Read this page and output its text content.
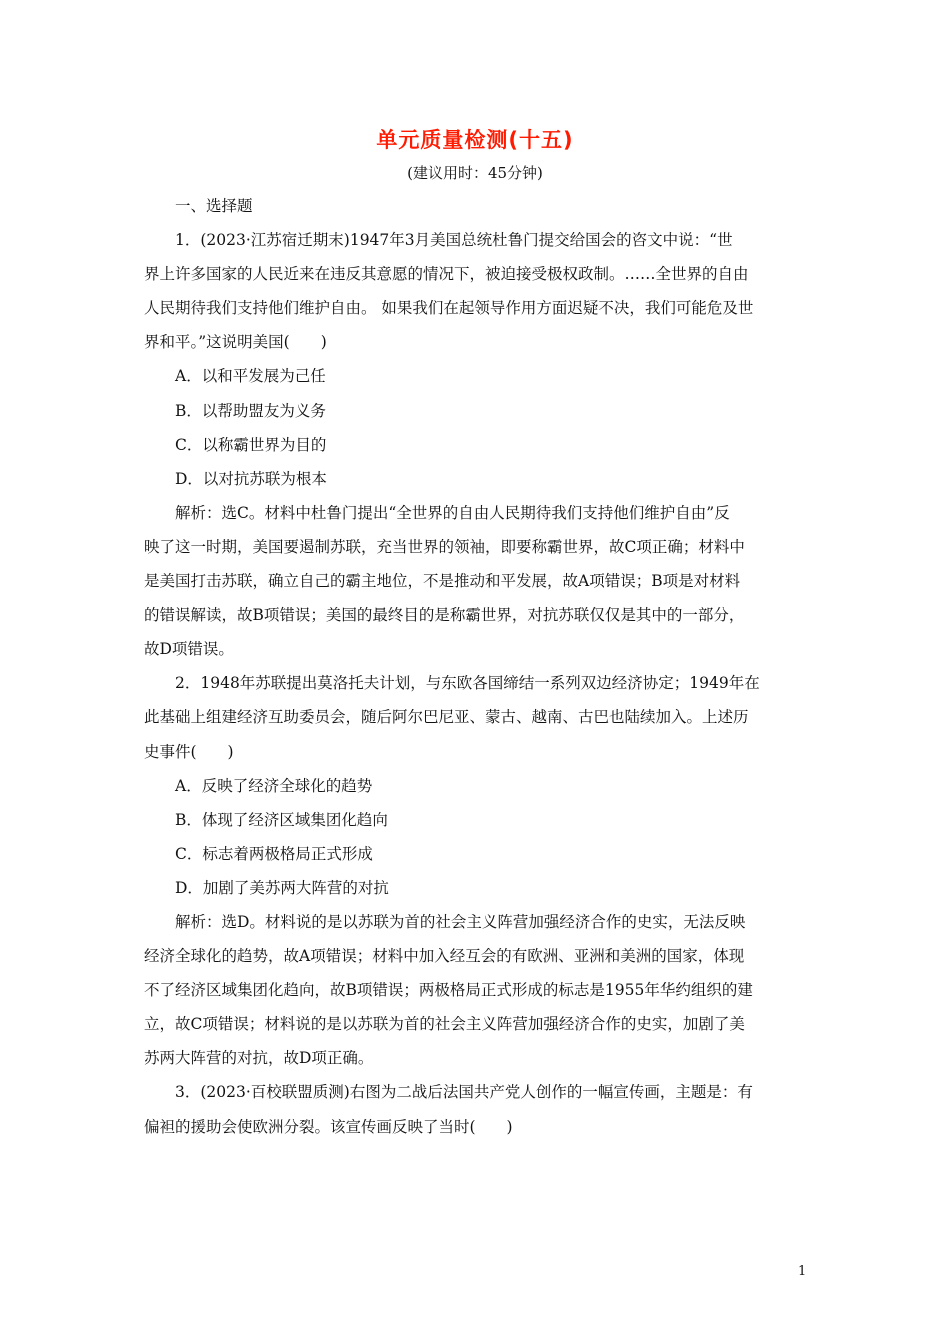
单元质量检测(十五)
(建议用时：45分钟)
一、选择题
1．(2023·江苏宿迁期末)1947年3月美国总统杜鲁门提交给国会的咨文中说：“世
界上许多国家的人民近来在违反其意愿的情况下，被迫接受极权政制。……全世界的自由
人民期待我们支持他们维护自由。 如果我们在起领导作用方面迟疑不决，我们可能危及世
界和平。”这说明美国(　　)
A．以和平发展为己任
B．以帮助盟友为义务
C．以称霸世界为目的
D．以对抗苏联为根本
解析：选C。材料中杜鲁门提出“全世界的自由人民期待我们支持他们维护自由”反
映了这一时期，美国要遏制苏联，充当世界的领袖，即要称霸世界，故C项正确；材料中
是美国打击苏联，确立自己的霸主地位，不是推动和平发展，故A项错误；B项是对材料
的错误解读，故B项错误；美国的最终目的是称霸世界，对抗苏联仅仅是其中的一部分，
故D项错误。
2．1948年苏联提出莫洛托夫计划，与东欧各国缔结一系列双边经济协定；1949年在
此基础上组建经济互助委员会，随后阿尔巴尼亚、蒙古、越南、古巴也陆续加入。上述历
史事件(　　)
A．反映了经济全球化的趋势
B．体现了经济区域集团化趋向
C．标志着两极格局正式形成
D．加剧了美苏两大阵营的对抗
解析：选D。材料说的是以苏联为首的社会主义阵营加强经济合作的史实，无法反映
经济全球化的趋势，故A项错误；材料中加入经互会的有欧洲、亚洲和美洲的国家，体现
不了经济区域集团化趋向，故B项错误；两极格局正式形成的标志是1955年华约组织的建
立，故C项错误；材料说的是以苏联为首的社会主义阵营加强经济合作的史实，加剧了美
苏两大阵营的对抗，故D项正确。
3．(2023·百校联盟质测)右图为二战后法国共产党人创作的一幅宣传画，主题是：有
偏袒的援助会使欧洲分裂。该宣传画反映了当时(　　)
1
